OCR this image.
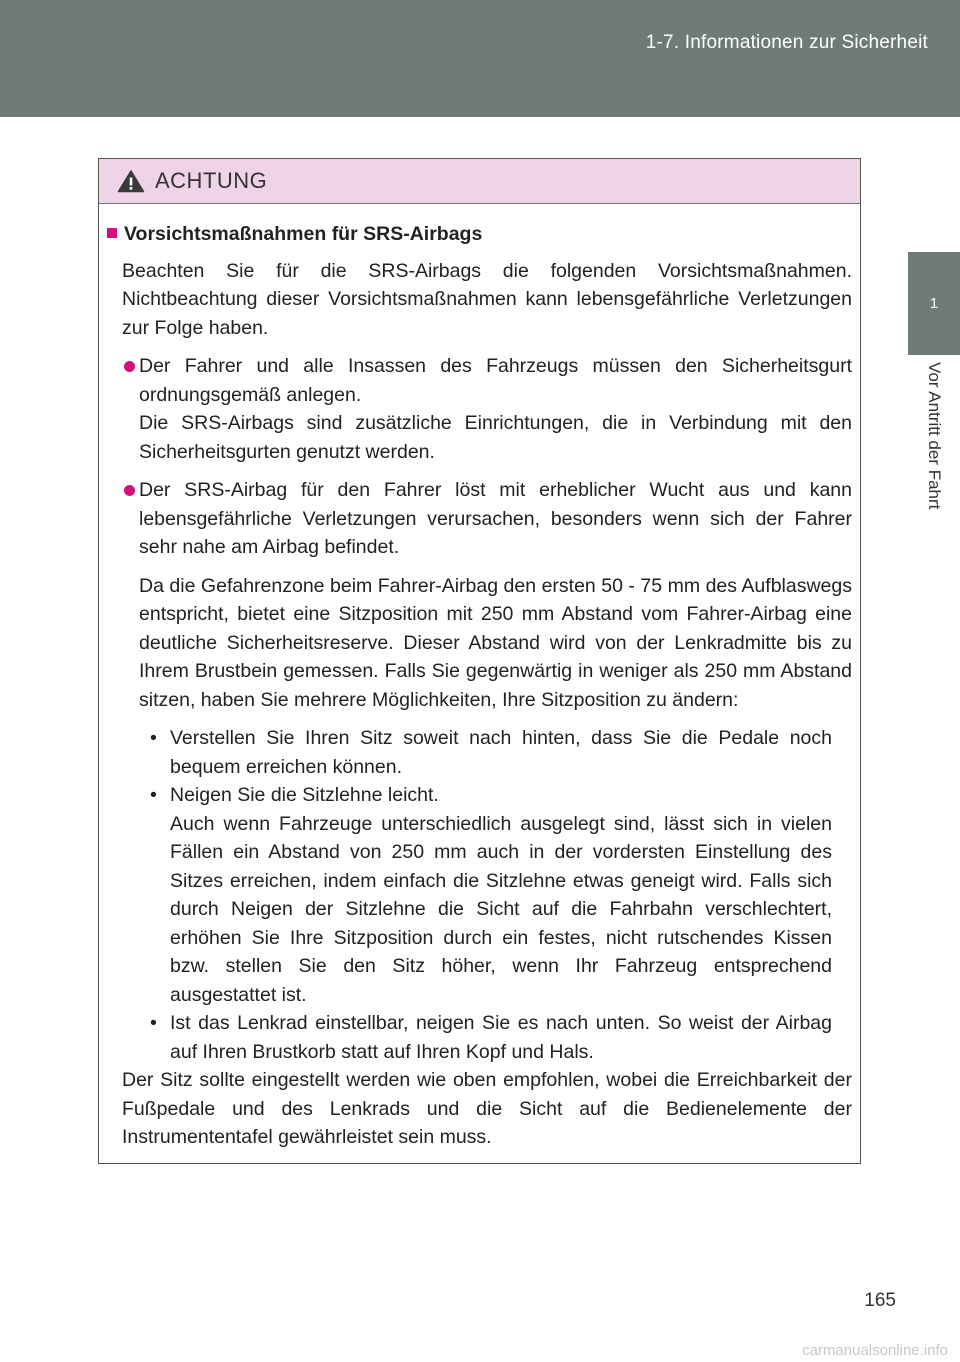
1-7. Informationen zur Sicherheit
1
Vor Antritt der Fahrt
ACHTUNG
Vorsichtsmaßnahmen für SRS-Airbags

Beachten Sie für die SRS-Airbags die folgenden Vorsichtsmaßnahmen. Nichtbeachtung dieser Vorsichtsmaßnahmen kann lebensgefährliche Verletzungen zur Folge haben.

Der Fahrer und alle Insassen des Fahrzeugs müssen den Sicherheitsgurt ordnungsgemäß anlegen.
Die SRS-Airbags sind zusätzliche Einrichtungen, die in Verbindung mit den Sicherheitsgurten genutzt werden.
Der SRS-Airbag für den Fahrer löst mit erheblicher Wucht aus und kann lebensgefährliche Verletzungen verursachen, besonders wenn sich der Fahrer sehr nahe am Airbag befindet.

Da die Gefahrenzone beim Fahrer-Airbag den ersten 50 - 75 mm des Aufblaswegs entspricht, bietet eine Sitzposition mit 250 mm Abstand vom Fahrer-Airbag eine deutliche Sicherheitsreserve. Dieser Abstand wird von der Lenkradmitte bis zu Ihrem Brustbein gemessen. Falls Sie gegenwärtig in weniger als 250 mm Abstand sitzen, haben Sie mehrere Möglichkeiten, Ihre Sitzposition zu ändern:

• Verstellen Sie Ihren Sitz soweit nach hinten, dass Sie die Pedale noch bequem erreichen können.
• Neigen Sie die Sitzlehne leicht.
Auch wenn Fahrzeuge unterschiedlich ausgelegt sind, lässt sich in vielen Fällen ein Abstand von 250 mm auch in der vordersten Einstellung des Sitzes erreichen, indem einfach die Sitzlehne etwas geneigt wird. Falls sich durch Neigen der Sitzlehne die Sicht auf die Fahrbahn verschlechtert, erhöhen Sie Ihre Sitzposition durch ein festes, nicht rutschendes Kissen bzw. stellen Sie den Sitz höher, wenn Ihr Fahrzeug entsprechend ausgestattet ist.
• Ist das Lenkrad einstellbar, neigen Sie es nach unten. So weist der Airbag auf Ihren Brustkorb statt auf Ihren Kopf und Hals.

Der Sitz sollte eingestellt werden wie oben empfohlen, wobei die Erreichbarkeit der Fußpedale und des Lenkrads und die Sicht auf die Bedienelemente der Instrumententafel gewährleistet sein muss.

165
carmanualsonline.info
